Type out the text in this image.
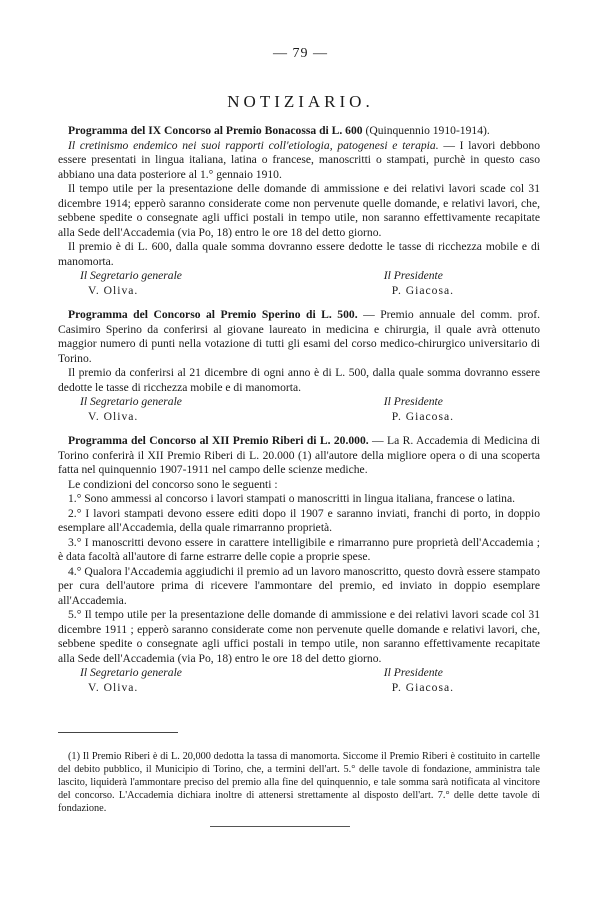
— 79 —
NOTIZIARIO.

Programma del IX Concorso al Premio Bonacossa di L. 600 (Quinquennio 1910-1914).

Il cretinismo endemico nei suoi rapporti coll'etiologia, patogenesi e terapia. — I lavori debbono essere presentati in lingua italiana, latina o francese, manoscritti o stampati, purchè in questo caso abbiano una data posteriore al 1.° gennaio 1910.

Il tempo utile per la presentazione delle domande di ammissione e dei relativi lavori scade col 31 dicembre 1914; epperò saranno considerate come non pervenute quelle domande, e relativi lavori, che, sebbene spedite o consegnate agli uffici postali in tempo utile, non saranno effettivamente recapitate alla Sede dell'Accademia (via Po, 18) entro le ore 18 del detto giorno.

Il premio è di L. 600, dalla quale somma dovranno essere dedotte le tasse di ricchezza mobile e di manomorta.

Il Segretario generale
V. Oliva.
Il Presidente
P. Giacosa.

Programma del Concorso al Premio Sperino di L. 500. — Premio annuale del comm. prof. Casimiro Sperino da conferirsi al giovane laureato in medicina e chirurgia, il quale avrà ottenuto maggior numero di punti nella votazione di tutti gli esami del corso medico-chirurgico universitario di Torino.

Il premio da conferirsi al 21 dicembre di ogni anno è di L. 500, dalla quale somma dovranno essere dedotte le tasse di ricchezza mobile e di manomorta.

Il Segretario generale
V. Oliva.
Il Presidente
P. Giacosa.

Programma del Concorso al XII Premio Riberi di L. 20.000. — La R. Accademia di Medicina di Torino conferirà il XII Premio Riberi di L. 20.000 (1) all'autore della migliore opera o di una scoperta fatta nel quinquennio 1907-1911 nel campo delle scienze mediche.

Le condizioni del concorso sono le seguenti :

1.° Sono ammessi al concorso i lavori stampati o manoscritti in lingua italiana, francese o latina.

2.° I lavori stampati devono essere editi dopo il 1907 e saranno inviati, franchi di porto, in doppio esemplare all'Accademia, della quale rimarranno proprietà.

3.° I manoscritti devono essere in carattere intelligibile e rimarranno pure proprietà dell'Accademia ; è data facoltà all'autore di farne estrarre delle copie a proprie spese.

4.° Qualora l'Accademia aggiudichi il premio ad un lavoro manoscritto, questo dovrà essere stampato per cura dell'autore prima di ricevere l'ammontare del premio, ed inviato in doppio esemplare all'Accademia.

5.° Il tempo utile per la presentazione delle domande di ammissione e dei relativi lavori scade col 31 dicembre 1911 ; epperò saranno considerate come non pervenute quelle domande e relativi lavori, che, sebbene spedite o consegnate agli uffici postali in tempo utile, non saranno effettivamente recapitate alla Sede dell'Accademia (via Po, 18) entro le ore 18 del detto giorno.

Il Segretario generale
V. Oliva.
Il Presidente
P. Giacosa.

(1) Il Premio Riberi è di L. 20,000 dedotta la tassa di manomorta. Siccome il Premio Riberi è costituito in cartelle del debito pubblico, il Municipio di Torino, che, a termini dell'art. 5.° delle tavole di fondazione, amministra tale lascito, liquiderà l'ammontare preciso del premio alla fine del quinquennio, e tale somma sarà notificata al vincitore del concorso. L'Accademia dichiara inoltre di attenersi strettamente al disposto dell'art. 7.° delle dette tavole di fondazione.
